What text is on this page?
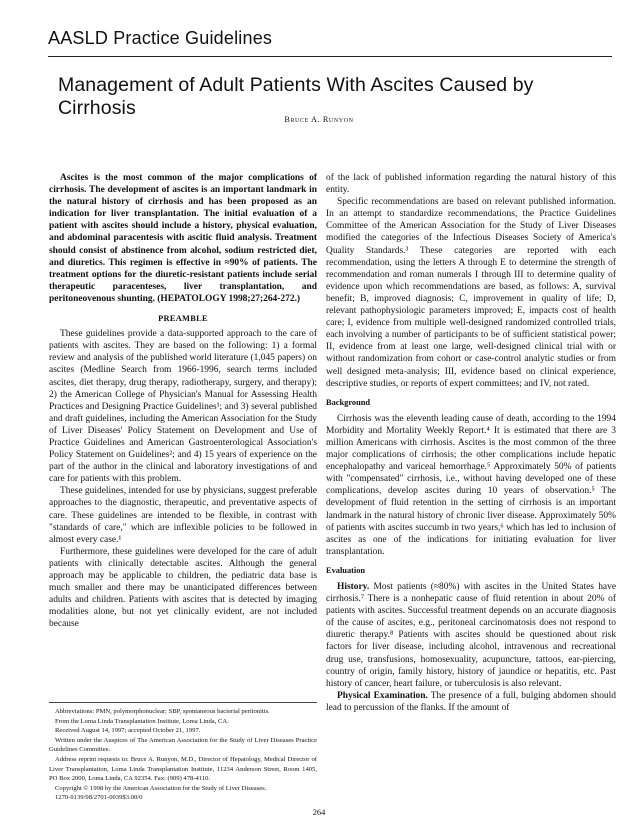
AASLD Practice Guidelines
Management of Adult Patients With Ascites Caused by Cirrhosis
Bruce A. Runyon

Ascites is the most common of the major complications of cirrhosis. The development of ascites is an important landmark in the natural history of cirrhosis and has been proposed as an indication for liver transplantation. The initial evaluation of a patient with ascites should include a history, physical evaluation, and abdominal paracentesis with ascitic fluid analysis. Treatment should consist of abstinence from alcohol, sodium restricted diet, and diuretics. This regimen is effective in ≈90% of patients. The treatment options for the diuretic-resistant patients include serial therapeutic paracenteses, liver transplantation, and peritoneovenous shunting. (HEPATOLOGY 1998;27;264-272.)

PREAMBLE

These guidelines provide a data-supported approach to the care of patients with ascites. They are based on the following: 1) a formal review and analysis of the published world literature (1,045 papers) on ascites (Medline Search from 1966-1996, search terms included ascites, diet therapy, drug therapy, radiotherapy, surgery, and therapy); 2) the American College of Physician's Manual for Assessing Health Practices and Designing Practice Guidelines¹; and 3) several published and draft guidelines, including the American Association for the Study of Liver Diseases' Policy Statement on Development and Use of Practice Guidelines and American Gastroenterological Association's Policy Statement on Guidelines²; and 4) 15 years of experience on the part of the author in the clinical and laboratory investigations of and care for patients with this problem.

These guidelines, intended for use by physicians, suggest preferable approaches to the diagnostic, therapeutic, and preventative aspects of care. These guidelines are intended to be flexible, in contrast with "standards of care," which are inflexible policies to be followed in almost every case.¹

Furthermore, these guidelines were developed for the care of adult patients with clinically detectable ascites. Although the general approach may be applicable to children, the pediatric data base is much smaller and there may be unanticipated differences between adults and children. Patients with ascites that is detected by imaging modalities alone, but not yet clinically evident, are not included because

Abbreviations: PMN, polymorphonuclear; SBP, spontaneous bacterial peritonitis.
From the Loma Linda Transplantation Institute, Loma Linda, CA.
Received August 14, 1997; accepted October 21, 1997.
Written under the Auspices of The American Association for the Study of Liver Diseases Practice Guidelines Committee.
Address reprint requests to: Bruce A. Runyon, M.D., Director of Hepatology, Medical Director of Liver Transplantation, Loma Linda Transplantation Institute, 11234 Anderson Street, Room 1405, PO Box 2000, Loma Linda, CA 92354. Fax: (909) 478-4110.
Copyright © 1998 by the American Association for the Study of Liver Diseases.
1270-9139/98/2701-0039$3.00/0

of the lack of published information regarding the natural history of this entity.

Specific recommendations are based on relevant published information. In an attempt to standardize recommendations, the Practice Guidelines Committee of the American Association for the Study of Liver Diseases modified the categories of the Infectious Diseases Society of America's Quality Standards.³ These categories are reported with each recommendation, using the letters A through E to determine the strength of recommendation and roman numerals I through III to determine quality of evidence upon which recommendations are based, as follows: A, survival benefit; B, improved diagnosis; C, improvement in quality of life; D, relevant pathophysiologic parameters improved; E, impacts cost of health care; I, evidence from multiple well-designed randomized controlled trials, each involving a number of participants to be of sufficient statistical power; II, evidence from at least one large, well-designed clinical trial with or without randomization from cohort or case-control analytic studies or from well designed meta-analysis; III, evidence based on clinical experience, descriptive studies, or reports of expert committees; and IV, not rated.

Background

Cirrhosis was the eleventh leading cause of death, according to the 1994 Morbidity and Mortality Weekly Report.⁴ It is estimated that there are 3 million Americans with cirrhosis. Ascites is the most common of the three major complications of cirrhosis; the other complications include hepatic encephalopathy and variceal hemorrhage.⁵ Approximately 50% of patients with "compensated" cirrhosis, i.e., without having developed one of these complications, develop ascites during 10 years of observation.⁵ The development of fluid retention in the setting of cirrhosis is an important landmark in the natural history of chronic liver disease. Approximately 50% of patients with ascites succumb in two years,⁶ which has led to inclusion of ascites as one of the indications for initiating evaluation for liver transplantation.

Evaluation

History. Most patients (≈80%) with ascites in the United States have cirrhosis.⁷ There is a nonhepatic cause of fluid retention in about 20% of patients with ascites. Successful treatment depends on an accurate diagnosis of the cause of ascites, e.g., peritoneal carcinomatosis does not respond to diuretic therapy.⁸ Patients with ascites should be questioned about risk factors for liver disease, including alcohol, intravenous and recreational drug use, transfusions, homosexuality, acupuncture, tattoos, ear-piercing, country of origin, family history, history of jaundice or hepatitis, etc. Past history of cancer, heart failure, or tuberculosis is also relevant.

Physical Examination. The presence of a full, bulging abdomen should lead to percussion of the flanks. If the amount of

264
